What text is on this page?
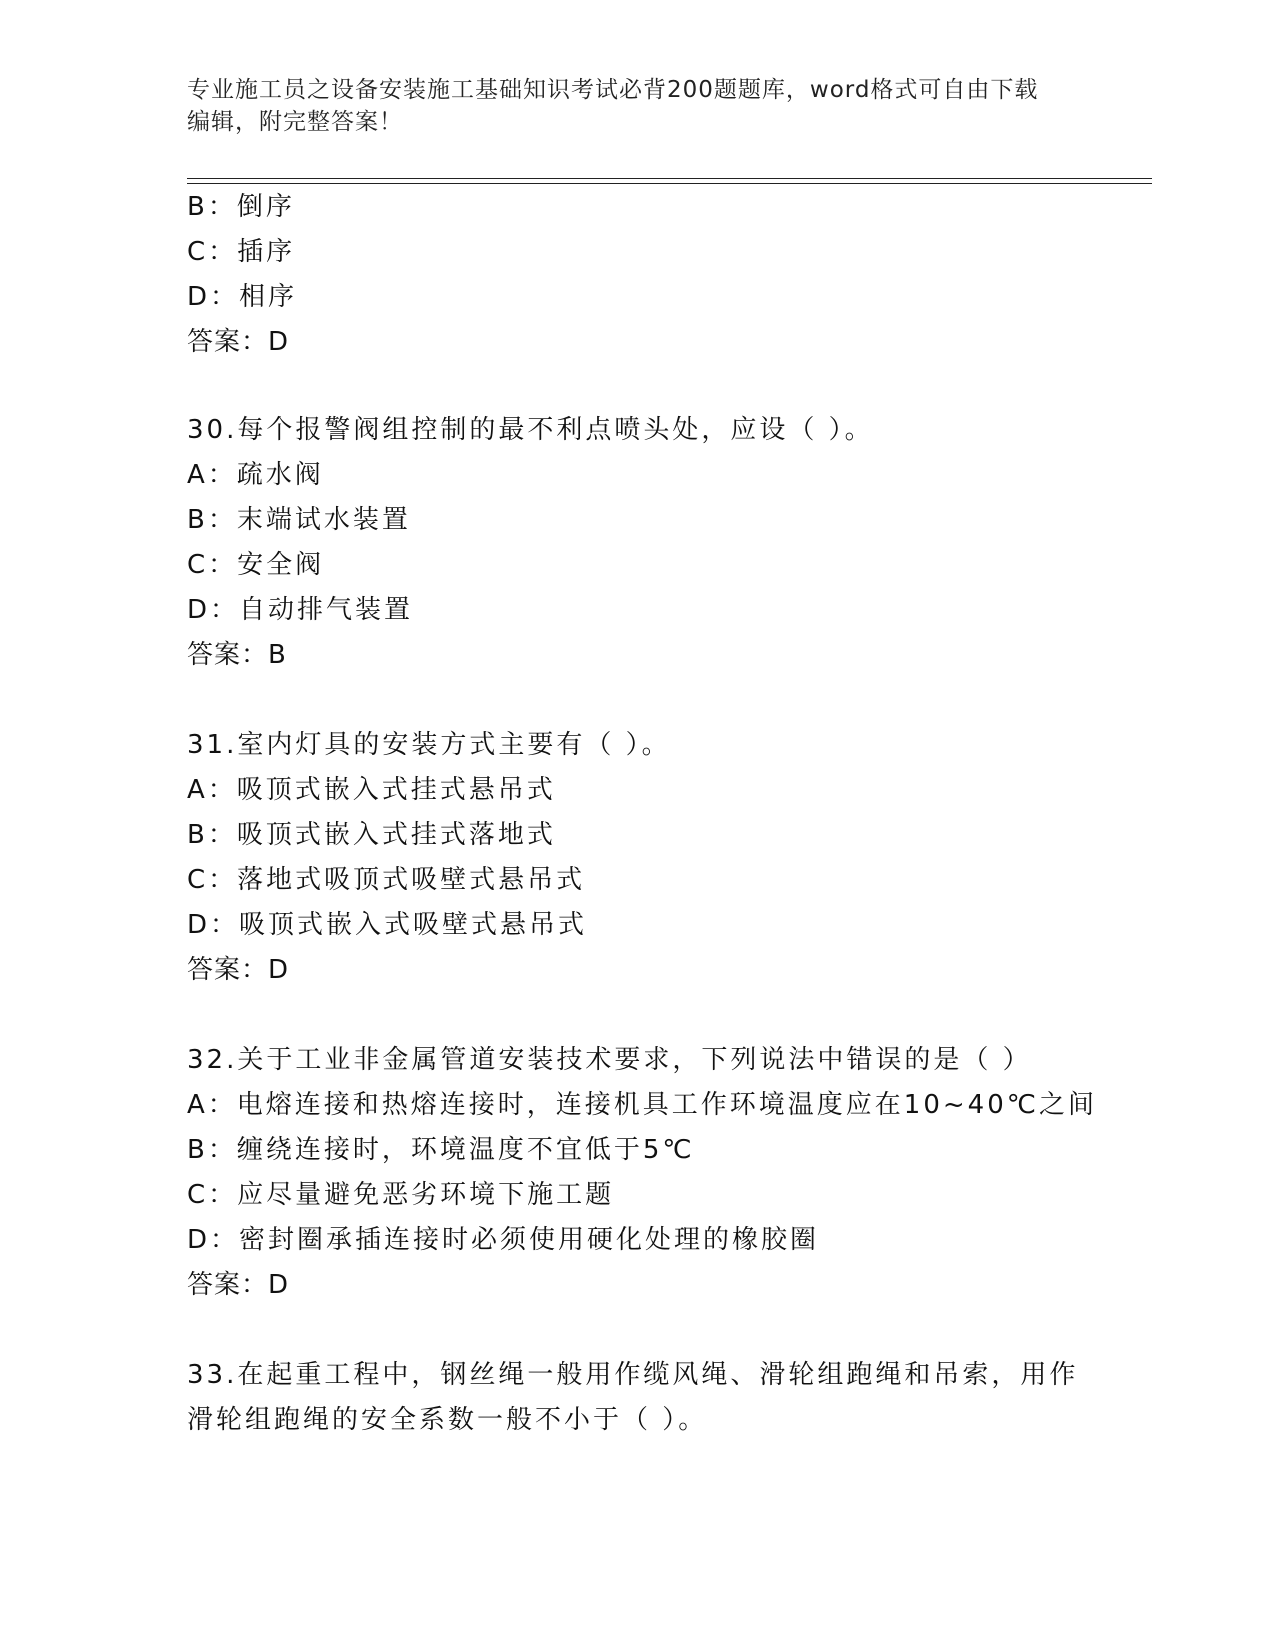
专业施工员之设备安装施工基础知识考试必背200题题库，word格式可自由下载
编辑，附完整答案！
B：倒序
C：插序
D：相序
答案：D
30.每个报警阀组控制的最不利点喷头处，应设（ ）。
A：疏水阀
B：末端试水装置
C：安全阀
D：自动排气装置
答案：B
31.室内灯具的安装方式主要有（ ）。
A：吸顶式嵌入式挂式悬吊式
B：吸顶式嵌入式挂式落地式
C：落地式吸顶式吸壁式悬吊式
D：吸顶式嵌入式吸壁式悬吊式
答案：D
32.关于工业非金属管道安装技术要求，下列说法中错误的是（ ）
A：电熔连接和热熔连接时，连接机具工作环境温度应在10~40℃之间
B：缠绕连接时，环境温度不宜低于5℃
C：应尽量避免恶劣环境下施工题
D：密封圈承插连接时必须使用硬化处理的橡胶圈
答案：D
33.在起重工程中，钢丝绳一般用作缆风绳、滑轮组跑绳和吊索，用作
滑轮组跑绳的安全系数一般不小于（ ）。
